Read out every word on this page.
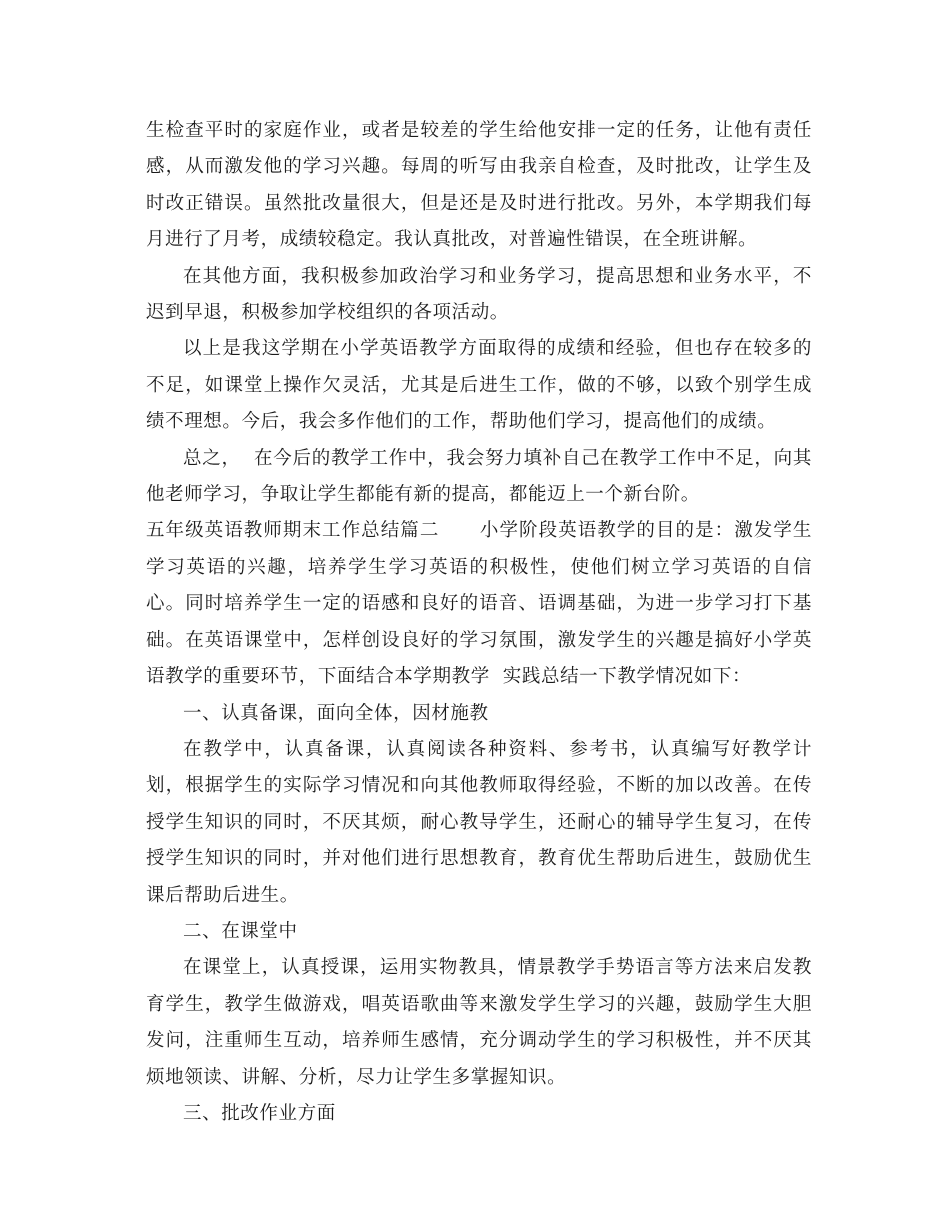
生检查平时的家庭作业，或者是较差的学生给他安排一定的任务，让他有责任感，从而激发他的学习兴趣。每周的听写由我亲自检查，及时批改，让学生及时改正错误。虽然批改量很大，但是还是及时进行批改。另外，本学期我们每月进行了月考，成绩较稳定。我认真批改，对普遍性错误，在全班讲解。

在其他方面，我积极参加政治学习和业务学习，提高思想和业务水平，不迟到早退，积极参加学校组织的各项活动。

以上是我这学期在小学英语教学方面取得的成绩和经验，但也存在较多的不足，如课堂上操作欠灵活，尤其是后进生工作，做的不够，以致个别学生成绩不理想。今后，我会多作他们的工作，帮助他们学习，提高他们的成绩。

总之，  在今后的教学工作中，我会努力填补自己在教学工作中不足，向其他老师学习，争取让学生都能有新的提高，都能迈上一个新台阶。

五年级英语教师期末工作总结篇二 小学阶段英语教学的目的是：激发学生学习英语的兴趣，培养学生学习英语的积极性，使他们树立学习英语的自信心。同时培养学生一定的语感和良好的语音、语调基础，为进一步学习打下基础。在英语课堂中，怎样创设良好的学习氛围，激发学生的兴趣是搞好小学英语教学的重要环节，下面结合本学期教学  实践总结一下教学情况如下：

一、认真备课，面向全体，因材施教

在教学中，认真备课，认真阅读各种资料、参考书，认真编写好教学计划，根据学生的实际学习情况和向其他教师取得经验，不断的加以改善。在传授学生知识的同时，不厌其烦，耐心教导学生，还耐心的辅导学生复习，在传授学生知识的同时，并对他们进行思想教育，教育优生帮助后进生，鼓励优生课后帮助后进生。

二、在课堂中

在课堂上，认真授课，运用实物教具，情景教学手势语言等方法来启发教育学生，教学生做游戏，唱英语歌曲等来激发学生学习的兴趣，鼓励学生大胆发问，注重师生互动，培养师生感情，充分调动学生的学习积极性，并不厌其烦地领读、讲解、分析，尽力让学生多掌握知识。

三、批改作业方面
